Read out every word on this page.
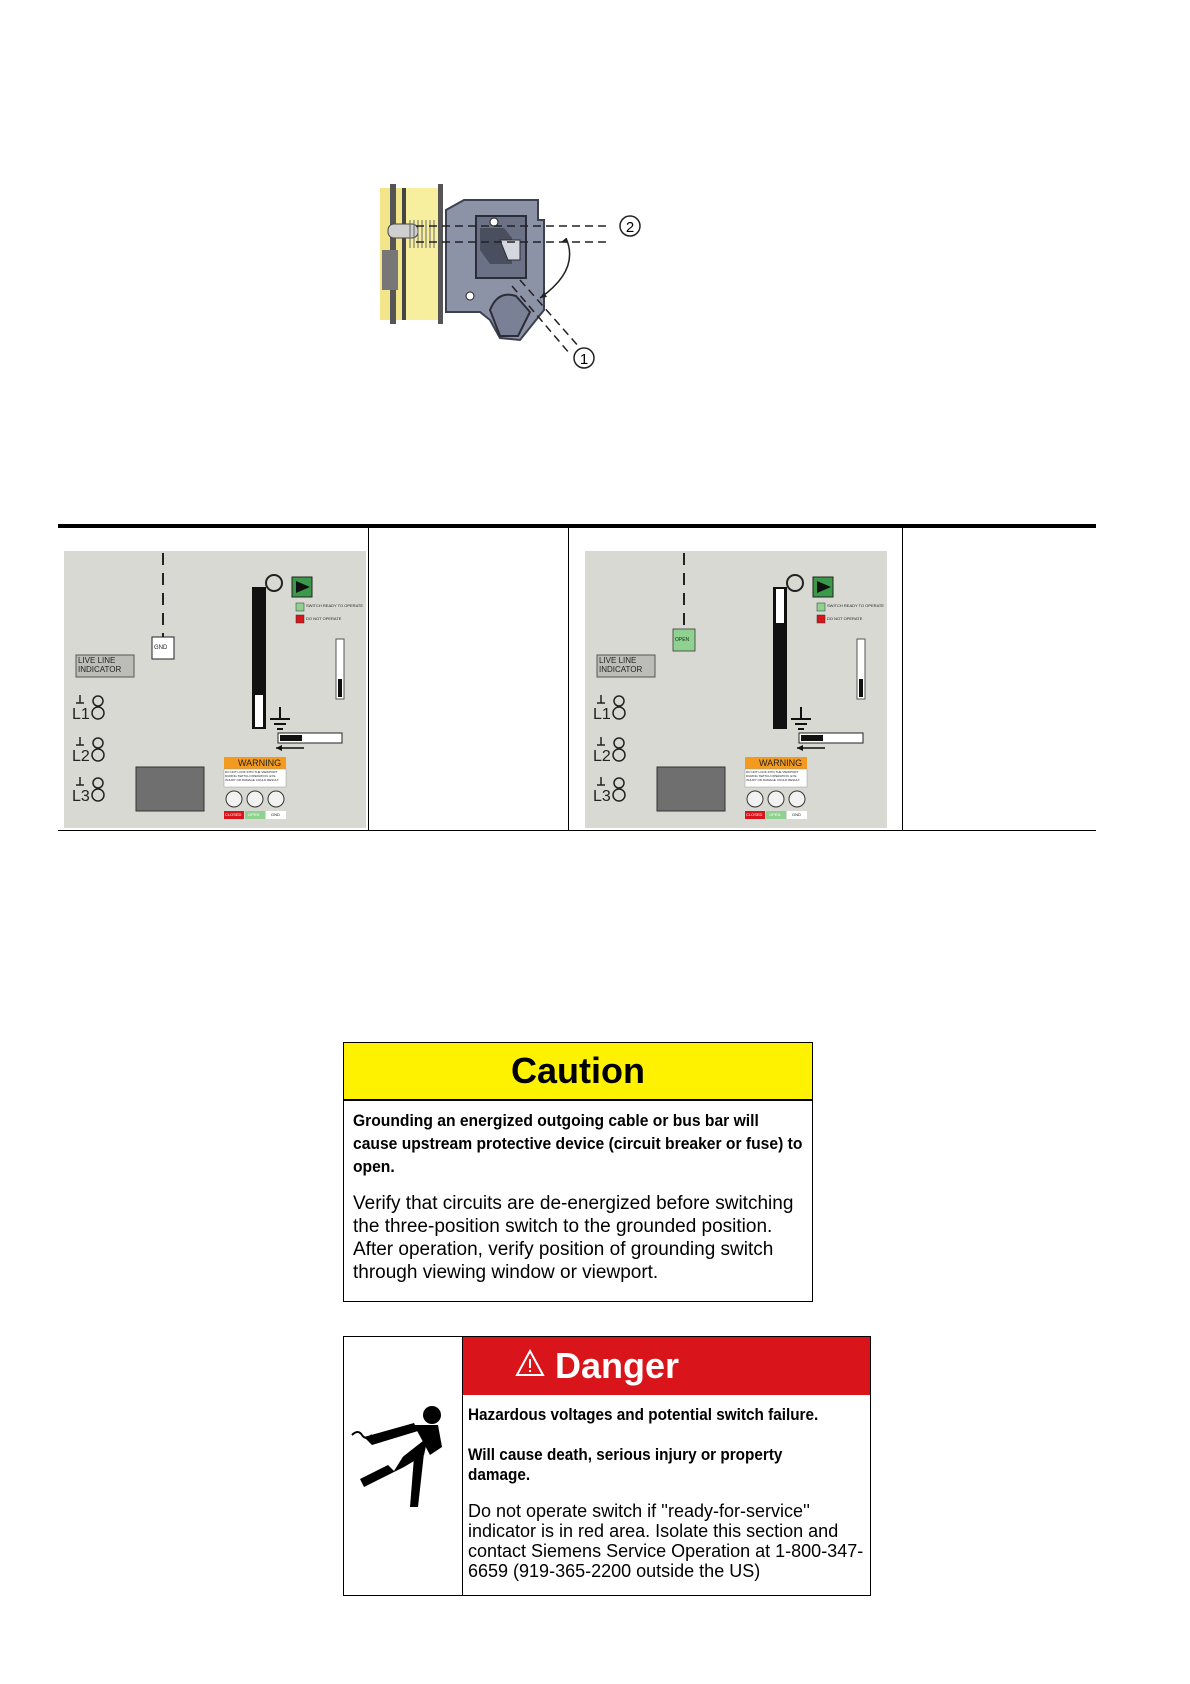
2
1
GND
LIVE LINE
INDICATOR
L1
L2
L3
SWITCH READY TO OPERATE
DO NOT OPERATE
WARNING
DO NOT LOOK INTO THE VIEWPORT DURING SWITCH OPERATION. EYE INJURY OR DAMAGE COULD RESULT.
CLOSED OPEN	GND
OPEN
LIVE LINE
INDICATOR
L1
L2
L3
SWITCH READY TO OPERATE
DO NOT OPERATE
WARNING
DO NOT LOOK INTO THE VIEWPORT DURING SWITCH OPERATION. EYE INJURY OR DAMAGE COULD RESULT.
CLOSED OPEN	GND
Caution
Grounding an energized outgoing cable or bus bar will cause upstream protective device (circuit breaker or fuse) to open.
Verify that circuits are de-energized before switching the three-position switch to the grounded position. After operation, verify position of grounding switch through viewing window or viewport.
Danger
Hazardous voltages and potential switch failure.
Will cause death, serious injury or property damage.
Do not operate switch if ''ready-for-service'' indicator is in red area. Isolate this section and contact Siemens Service Operation at 1-800-347-6659 (919-365-2200 outside the US)
